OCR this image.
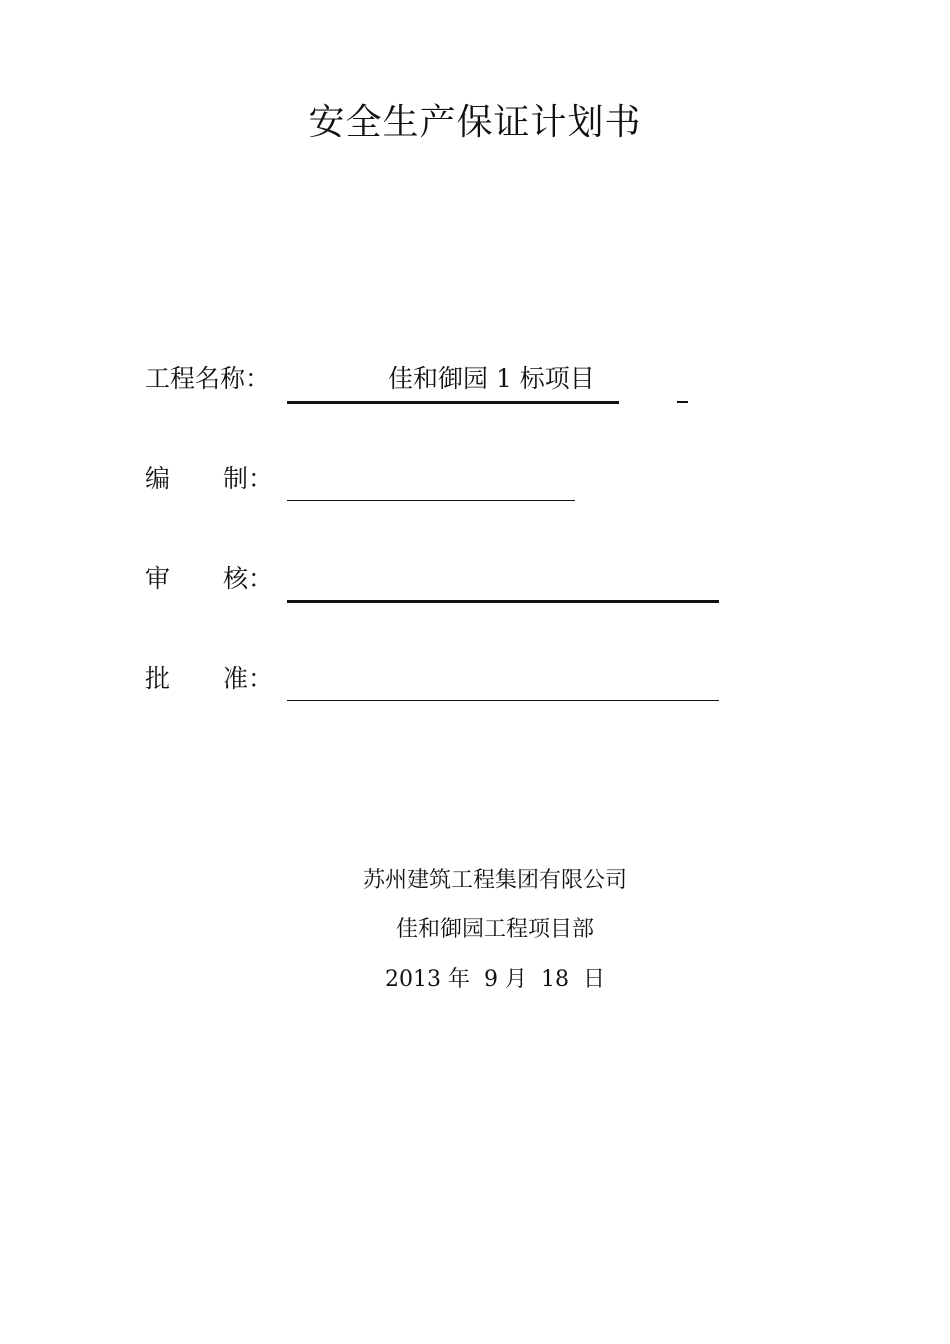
安全生产保证计划书
工程名称：	佳和御园 1 标项目
编 制：
审 核：
批 准：
苏州建筑工程集团有限公司
佳和御园工程项目部
2013 年  9 月  18  日
